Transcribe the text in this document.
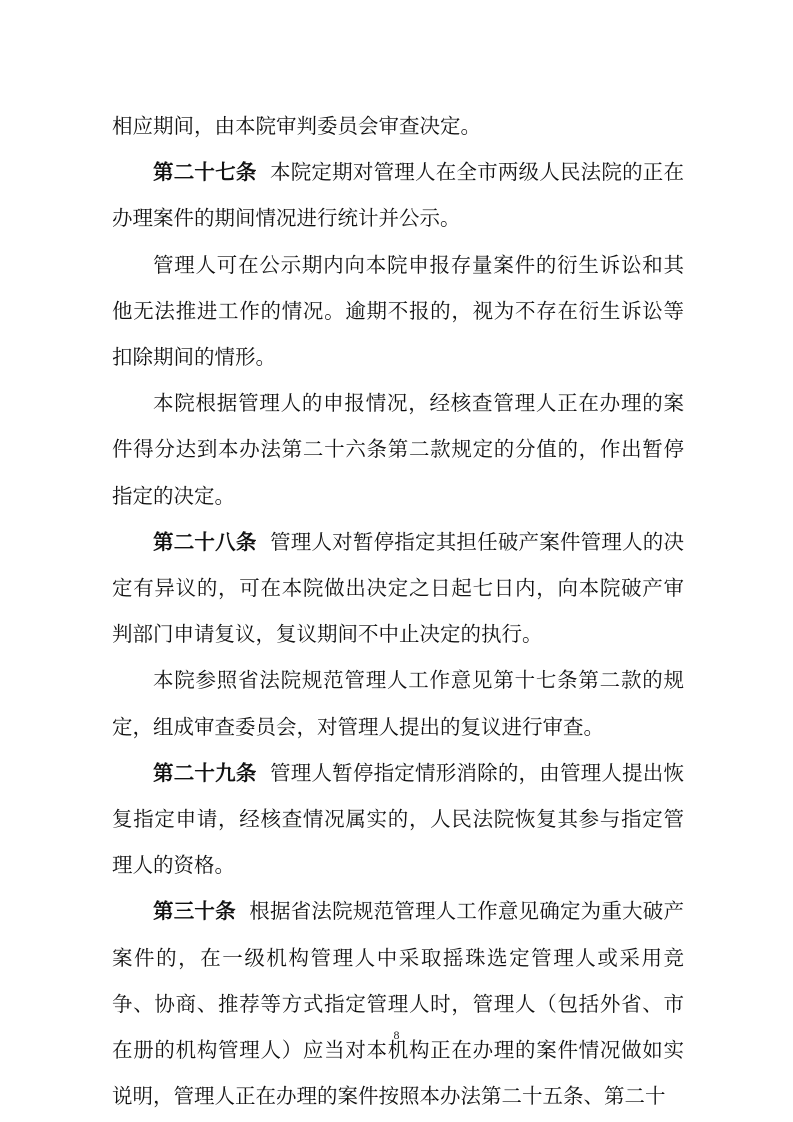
相应期间，由本院审判委员会审查决定。

第二十七条 本院定期对管理人在全市两级人民法院的正在办理案件的期间情况进行统计并公示。

管理人可在公示期内向本院申报存量案件的衍生诉讼和其他无法推进工作的情况。逾期不报的，视为不存在衍生诉讼等扣除期间的情形。

本院根据管理人的申报情况，经核查管理人正在办理的案件得分达到本办法第二十六条第二款规定的分值的，作出暂停指定的决定。

第二十八条 管理人对暂停指定其担任破产案件管理人的决定有异议的，可在本院做出决定之日起七日内，向本院破产审判部门申请复议，复议期间不中止决定的执行。

本院参照省法院规范管理人工作意见第十七条第二款的规定，组成审查委员会，对管理人提出的复议进行审查。

第二十九条 管理人暂停指定情形消除的，由管理人提出恢复指定申请，经核查情况属实的，人民法院恢复其参与指定管理人的资格。

第三十条 根据省法院规范管理人工作意见确定为重大破产案件的，在一级机构管理人中采取摇珠选定管理人或采用竞争、协商、推荐等方式指定管理人时，管理人（包括外省、市在册的机构管理人）应当对本机构正在办理的案件情况做如实说明，管理人正在办理的案件按照本办法第二十五条、第二十

8
